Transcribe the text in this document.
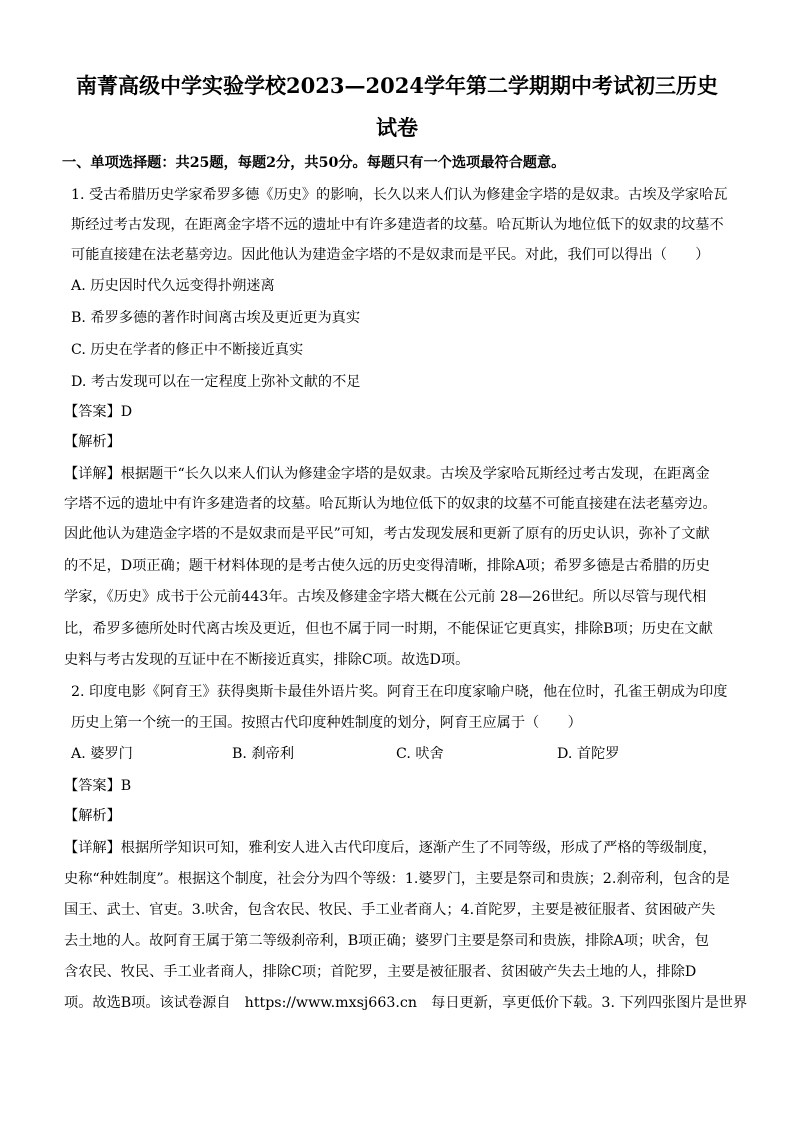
南菁高级中学实验学校2023—2024学年第二学期期中考试初三历史
试卷
一、单项选择题：共25题，每题2分，共50分。每题只有一个选项最符合题意。
1. 受古希腊历史学家希罗多德《历史》的影响，长久以来人们认为修建金字塔的是奴隶。古埃及学家哈瓦
斯经过考古发现，在距离金字塔不远的遗址中有许多建造者的坟墓。哈瓦斯认为地位低下的奴隶的坟墓不
可能直接建在法老墓旁边。因此他认为建造金字塔的不是奴隶而是平民。对此，我们可以得出（　　）
A. 历史因时代久远变得扑朔迷离
B. 希罗多德的著作时间离古埃及更近更为真实
C. 历史在学者的修正中不断接近真实
D. 考古发现可以在一定程度上弥补文献的不足
【答案】D
【解析】
【详解】根据题干“长久以来人们认为修建金字塔的是奴隶。古埃及学家哈瓦斯经过考古发现，在距离金
字塔不远的遗址中有许多建造者的坟墓。哈瓦斯认为地位低下的奴隶的坟墓不可能直接建在法老墓旁边。
因此他认为建造金字塔的不是奴隶而是平民”可知，考古发现发展和更新了原有的历史认识，弥补了文献
的不足，D项正确；题干材料体现的是考古使久远的历史变得清晰，排除A项；希罗多德是古希腊的历史
学家，《历史》成书于公元前443年。古埃及修建金字塔大概在公元前 28—26世纪。所以尽管与现代相
比，希罗多德所处时代离古埃及更近，但也不属于同一时期，不能保证它更真实，排除B项；历史在文献
史料与考古发现的互证中在不断接近真实，排除C项。故选D项。
2. 印度电影《阿育王》获得奥斯卡最佳外语片奖。阿育王在印度家喻户晓，他在位时，孔雀王朝成为印度
历史上第一个统一的王国。按照古代印度种姓制度的划分，阿育王应属于（　　）
A. 婆罗门	B. 刹帝利	C. 吠舍	D. 首陀罗
【答案】B
【解析】
【详解】根据所学知识可知，雅利安人进入古代印度后，逐渐产生了不同等级，形成了严格的等级制度，
史称“种姓制度”。根据这个制度，社会分为四个等级：1.婆罗门，主要是祭司和贵族；2.刹帝利，包含的是
国王、武士、官吏。3.吠舍，包含农民、牧民、手工业者商人；4.首陀罗，主要是被征服者、贫困破产失
去土地的人。故阿育王属于第二等级刹帝利，B项正确；婆罗门主要是祭司和贵族，排除A项；吠舍，包
含农民、牧民、手工业者商人，排除C项；首陀罗，主要是被征服者、贫困破产失去土地的人，排除D
项。故选B项。该试卷源自　https://www.mxsj663.cn　每日更新，享更低价下载。3. 下列四张图片是世界
